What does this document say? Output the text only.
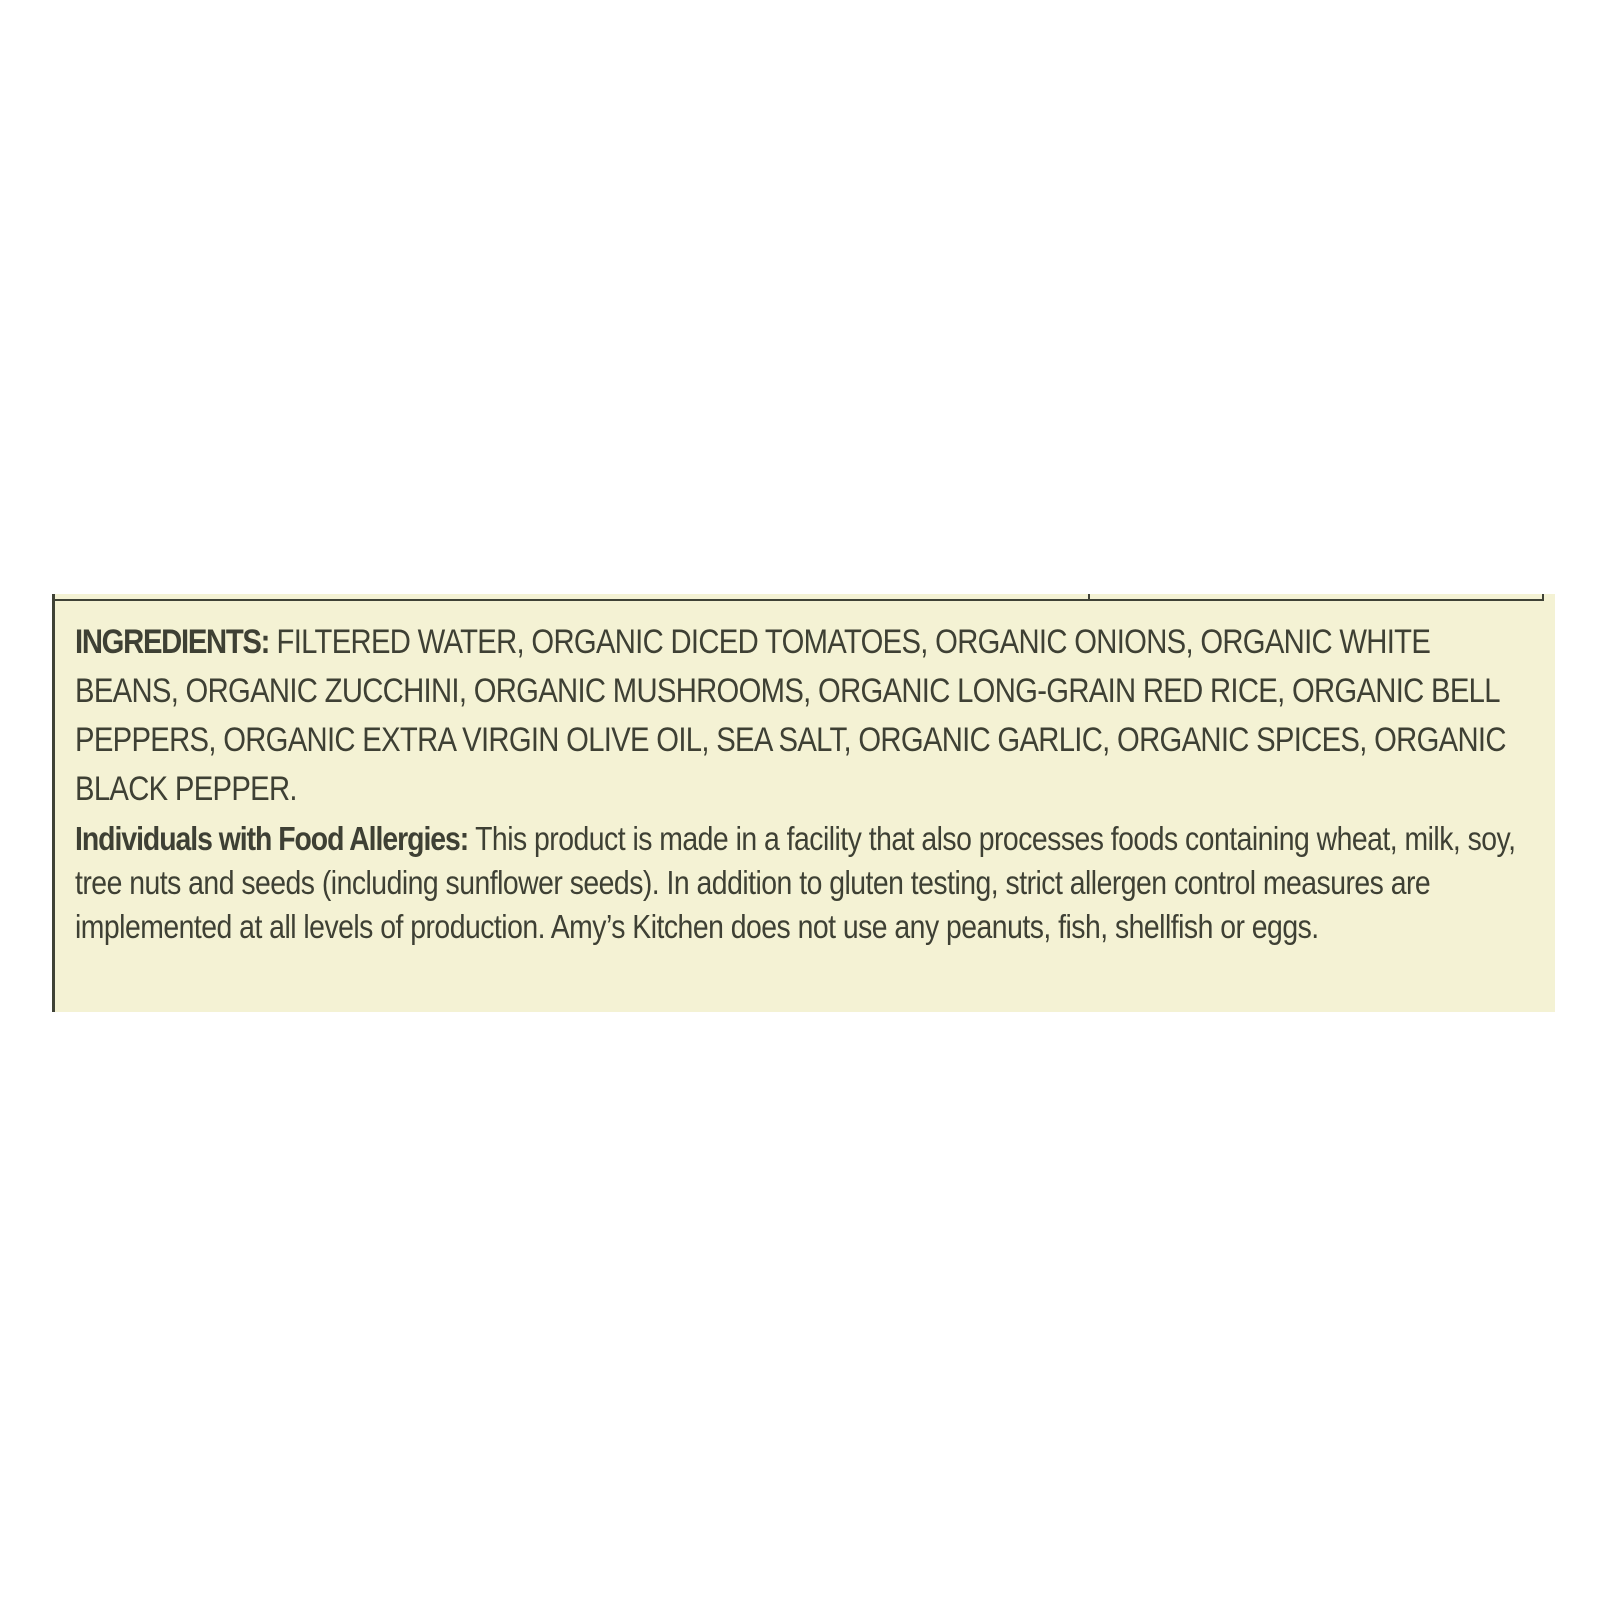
INGREDIENTS: FILTERED WATER, ORGANIC DICED TOMATOES, ORGANIC ONIONS, ORGANIC WHITE BEANS, ORGANIC ZUCCHINI, ORGANIC MUSHROOMS, ORGANIC LONG-GRAIN RED RICE, ORGANIC BELL PEPPERS, ORGANIC EXTRA VIRGIN OLIVE OIL, SEA SALT, ORGANIC GARLIC, ORGANIC SPICES, ORGANIC BLACK PEPPER.

Individuals with Food Allergies: This product is made in a facility that also processes foods containing wheat, milk, soy, tree nuts and seeds (including sunflower seeds). In addition to gluten testing, strict allergen control measures are implemented at all levels of production. Amy’s Kitchen does not use any peanuts, fish, shellfish or eggs.
